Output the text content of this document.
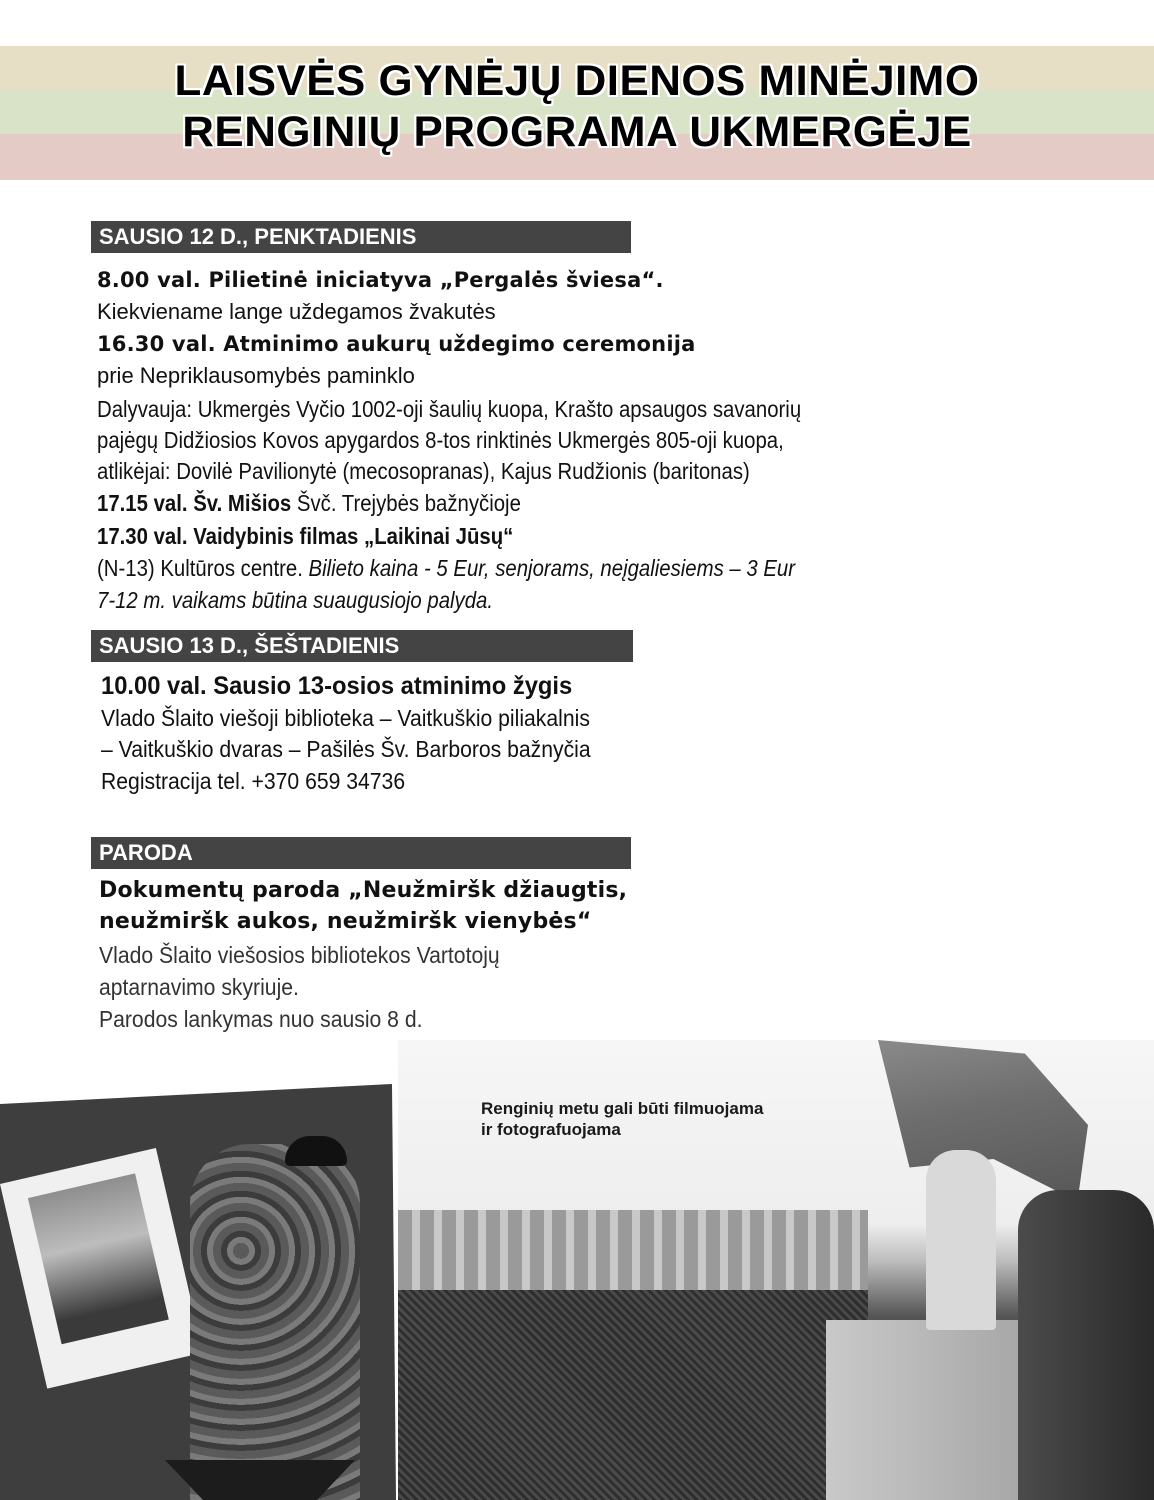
LAISVĖS GYNĖJŲ DIENOS MINĖJIMO
RENGINIŲ PROGRAMA UKMERGĖJE
SAUSIO 12 D., PENKTADIENIS
8.00 val. Pilietinė iniciatyva „Pergalės šviesa“.
Kiekviename lange uždegamos žvakutės
16.30 val. Atminimo aukurų uždegimo ceremonija
prie Nepriklausomybės paminklo
Dalyvauja: Ukmergės Vyčio 1002-oji šaulių kuopa, Krašto apsaugos savanorių
pajėgų Didžiosios Kovos apygardos 8-tos rinktinės Ukmergės 805-oji kuopa,
atlikėjai: Dovilė Pavilionytė (mecosopranas), Kajus Rudžionis (baritonas)
17.15 val. Šv. Mišios Švč. Trejybės bažnyčioje
17.30 val. Vaidybinis filmas „Laikinai Jūsų“
(N-13) Kultūros centre. Bilieto kaina - 5 Eur, senjorams, neįgaliesiems – 3 Eur
7-12 m. vaikams būtina suaugusiojo palyda.
SAUSIO 13 D., ŠEŠTADIENIS
10.00 val. Sausio 13-osios atminimo žygis
Vlado Šlaito viešoji biblioteka – Vaitkuškio piliakalnis
– Vaitkuškio dvaras – Pašilės Šv. Barboros bažnyčia
Registracija tel. +370 659 34736
PARODA
Dokumentų paroda „Neužmiršk džiaugtis,
neužmiršk aukos, neužmiršk vienybės“
Vlado Šlaito viešosios bibliotekos Vartotojų
aptarnavimo skyriuje.
Parodos lankymas nuo sausio 8 d.
Renginių metu gali būti filmuojama
ir fotografuojama
